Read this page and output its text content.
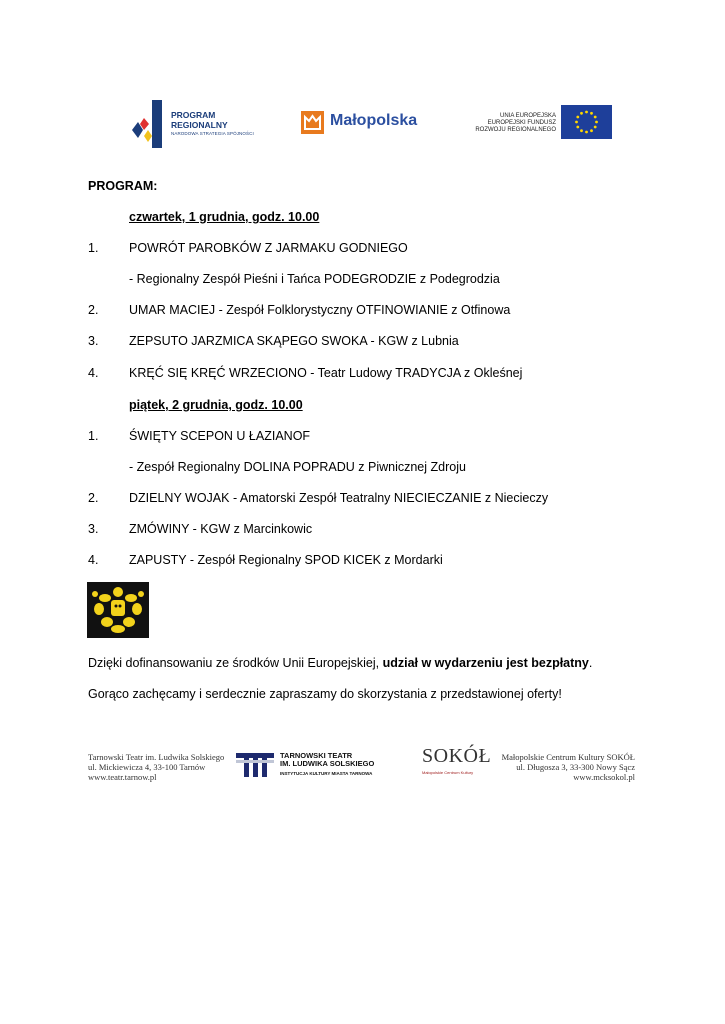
PROGRAM
REGIONALNY
NARODOWA STRATEGIA SPÓJNOŚCI
Małopolska	UNIA EUROPEJSKA
EUROPEJSKI FUNDUSZ
ROZWOJU REGIONALNEGO
PROGRAM:
czwartek, 1 grudnia, godz. 10.00
1. POWRÓT PAROBKÓW Z JARMAKU GODNIEGO
- Regionalny Zespół Pieśni i Tańca PODEGRODZIE z Podegrodzia
2. UMAR MACIEJ - Zespół Folklorystyczny OTFINOWIANIE z Otfinowa
3. ZEPSUTO JARZMICA SKĄPEGO SWOKA - KGW z Lubnia
4. KRĘĆ SIĘ KRĘĆ WRZECIONO - Teatr Ludowy TRADYCJA z Okleśnej
piątek, 2 grudnia, godz. 10.00
1. ŚWIĘTY SCEPON U ŁAZIANOF
- Zespół Regionalny DOLINA POPRADU z Piwnicznej Zdroju
2. DZIELNY WOJAK - Amatorski Zespół Teatralny NIECIECZANIE z Niecieczy
3. ZMÓWINY - KGW z Marcinkowic
4. ZAPUSTY - Zespół Regionalny SPOD KICEK z Mordarki
Dzięki dofinansowaniu ze środków Unii Europejskiej, udział w wydarzeniu jest bezpłatny.
Gorąco zachęcamy i serdecznie zapraszamy do skorzystania z przedstawionej oferty!
Tarnowski Teatr im. Ludwika Solskiego
ul. Mickiewicza 4, 33-100 Tarnów
www.teatr.tarnow.pl
TARNOWSKI TEATR
IM. LUDWIKA SOLSKIEGO
INSTYTUCJA KULTURY MIASTA TARNOWA
SOKÓŁ
Małopolskie Centrum Kultury
Małopolskie Centrum Kultury SOKÓŁ
ul. Długosza 3, 33-300 Nowy Sącz
www.mcksokol.pl
